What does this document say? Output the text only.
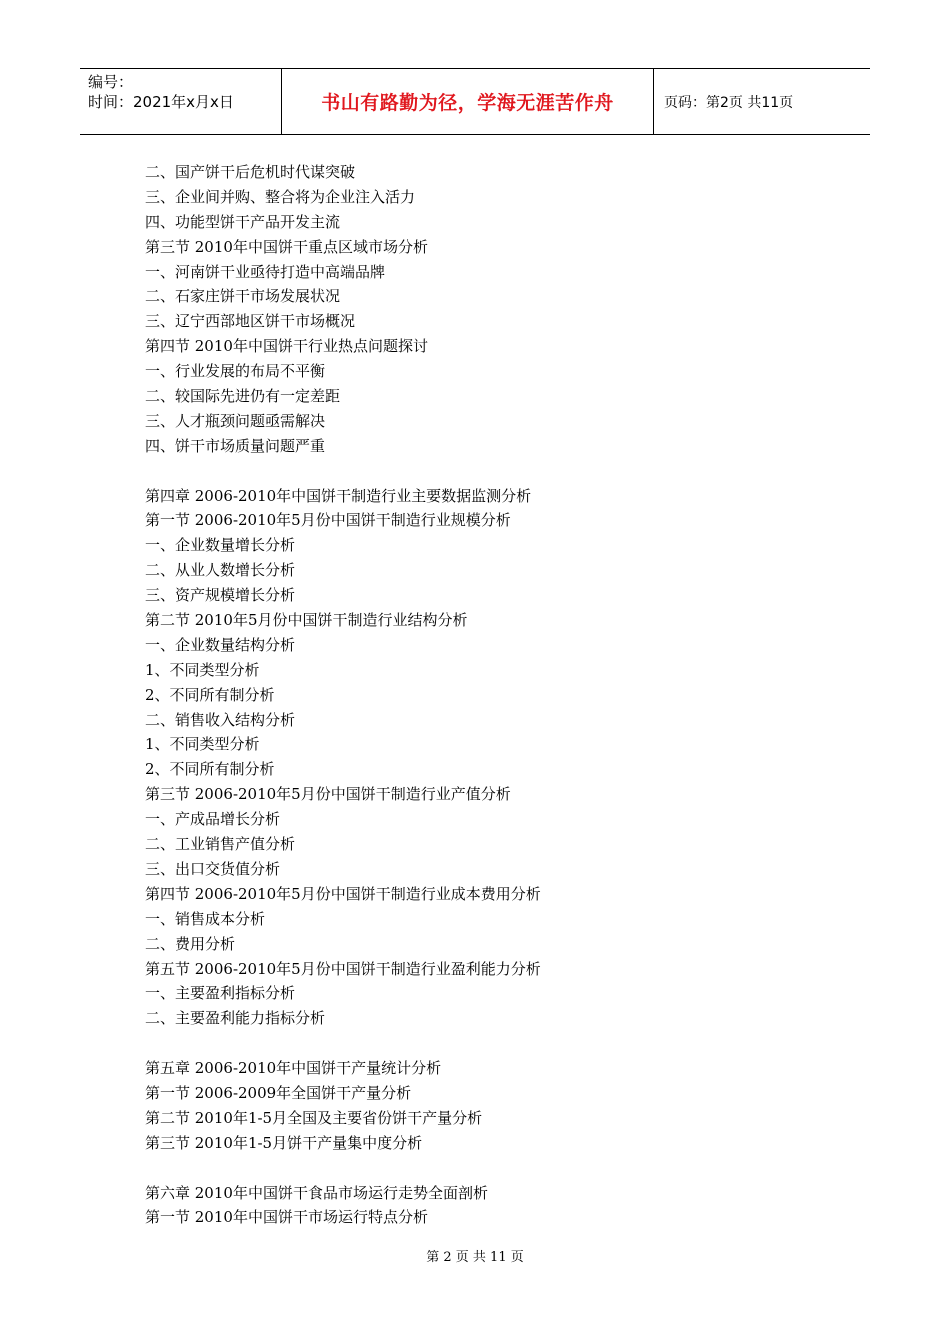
编号：
时间：2021年x月x日	书山有路勤为径，学海无涯苦作舟	页码：第2页 共11页
二、国产饼干后危机时代谋突破
三、企业间并购、整合将为企业注入活力
四、功能型饼干产品开发主流
第三节 2010年中国饼干重点区域市场分析
一、河南饼干业亟待打造中高端品牌
二、石家庄饼干市场发展状况
三、辽宁西部地区饼干市场概况
第四节 2010年中国饼干行业热点问题探讨
一、行业发展的布局不平衡
二、较国际先进仍有一定差距
三、人才瓶颈问题亟需解决
四、饼干市场质量问题严重
第四章 2006-2010年中国饼干制造行业主要数据监测分析
第一节 2006-2010年5月份中国饼干制造行业规模分析
一、企业数量增长分析
二、从业人数增长分析
三、资产规模增长分析
第二节 2010年5月份中国饼干制造行业结构分析
一、企业数量结构分析
1、不同类型分析
2、不同所有制分析
二、销售收入结构分析
1、不同类型分析
2、不同所有制分析
第三节 2006-2010年5月份中国饼干制造行业产值分析
一、产成品增长分析
二、工业销售产值分析
三、出口交货值分析
第四节 2006-2010年5月份中国饼干制造行业成本费用分析
一、销售成本分析
二、费用分析
第五节 2006-2010年5月份中国饼干制造行业盈利能力分析
一、主要盈利指标分析
二、主要盈利能力指标分析
第五章 2006-2010年中国饼干产量统计分析
第一节 2006-2009年全国饼干产量分析
第二节 2010年1-5月全国及主要省份饼干产量分析
第三节 2010年1-5月饼干产量集中度分析
第六章 2010年中国饼干食品市场运行走势全面剖析
第一节 2010年中国饼干市场运行特点分析
第 2 页 共 11 页
